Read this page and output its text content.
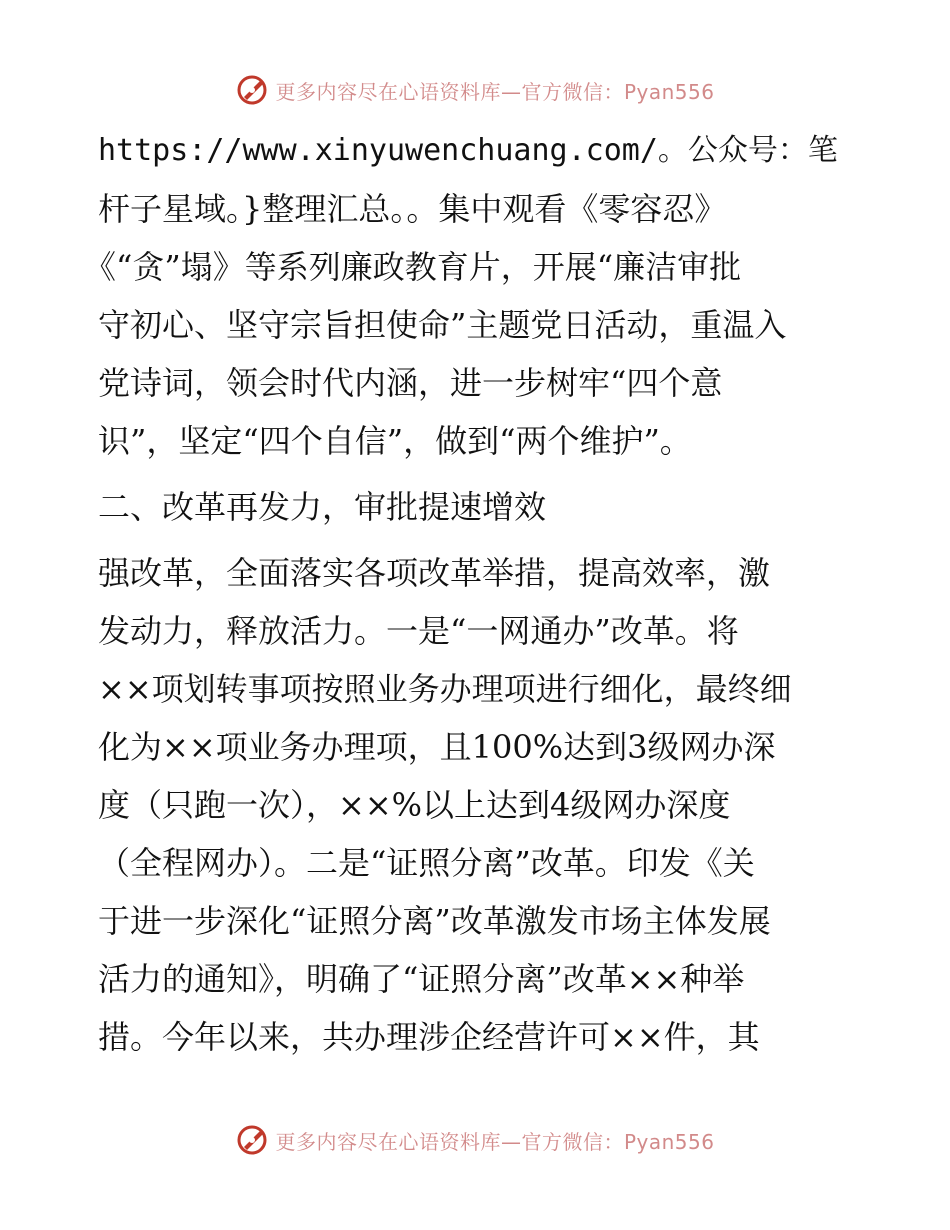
更多内容尽在心语资料库—官方微信：Pyan556
https://www.xinyuwenchuang.com/。公众号：笔
杆子星域。}整理汇总。。集中观看《零容忍》
《“贪”塌》等系列廉政教育片，开展“廉洁审批
守初心、坚守宗旨担使命”主题党日活动，重温入
党诗词，领会时代内涵，进一步树牢“四个意
识”，坚定“四个自信”，做到“两个维护”。
二、改革再发力，审批提速增效
强改革，全面落实各项改革举措，提高效率，激
发动力，释放活力。一是“一网通办”改革。将
××项划转事项按照业务办理项进行细化，最终细
化为××项业务办理项，且100%达到3级网办深
度（只跑一次），××%以上达到4级网办深度
（全程网办）。二是“证照分离”改革。印发《关
于进一步深化“证照分离”改革激发市场主体发展
活力的通知》，明确了“证照分离”改革××种举
措。今年以来，共办理涉企经营许可××件，其
更多内容尽在心语资料库—官方微信：Pyan556
